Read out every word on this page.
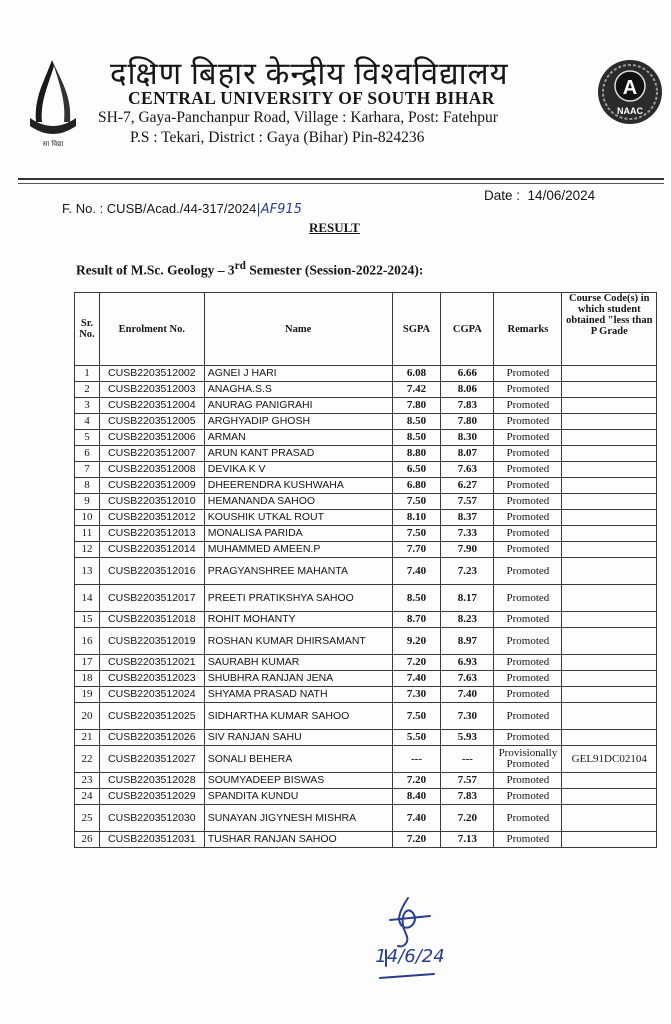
सा विद्या
A
NAAC
दक्षिण बिहार केन्द्रीय विश्वविद्यालय
CENTRAL UNIVERSITY OF SOUTH BIHAR
SH-7, Gaya-Panchanpur Road, Village : Karhara, Post: Fatehpur
P.S : Tekari, District : Gaya (Bihar) Pin-824236
F. No. : CUSB/Acad./44-317/2024|AF915
Date : 14/06/2024
RESULT
Result of M.Sc. Geology – 3rd Semester (Session-2022-2024):
Sr. No.	Enrolment No.	Name	SGPA	CGPA	Remarks	Course Code(s) in which student obtained "less than P Grade
1	CUSB2203512002	AGNEI J HARI	6.08	6.66	Promoted	
2	CUSB2203512003	ANAGHA.S.S	7.42	8.06	Promoted	
3	CUSB2203512004	ANURAG PANIGRAHI	7.80	7.83	Promoted	
4	CUSB2203512005	ARGHYADIP GHOSH	8.50	7.80	Promoted	
5	CUSB2203512006	ARMAN	8.50	8.30	Promoted	
6	CUSB2203512007	ARUN KANT PRASAD	8.80	8.07	Promoted	
7	CUSB2203512008	DEVIKA K V	6.50	7.63	Promoted	
8	CUSB2203512009	DHEERENDRA KUSHWAHA	6.80	6.27	Promoted	
9	CUSB2203512010	HEMANANDA SAHOO	7.50	7.57	Promoted	
10	CUSB2203512012	KOUSHIK UTKAL ROUT	8.10	8.37	Promoted	
11	CUSB2203512013	MONALISA PARIDA	7.50	7.33	Promoted	
12	CUSB2203512014	MUHAMMED AMEEN.P	7.70	7.90	Promoted	
13	CUSB2203512016	PRAGYANSHREE MAHANTA	7.40	7.23	Promoted	
14	CUSB2203512017	PREETI PRATIKSHYA SAHOO	8.50	8.17	Promoted	
15	CUSB2203512018	ROHIT MOHANTY	8.70	8.23	Promoted	
16	CUSB2203512019	ROSHAN KUMAR DHIRSAMANT	9.20	8.97	Promoted	
17	CUSB2203512021	SAURABH KUMAR	7.20	6.93	Promoted	
18	CUSB2203512023	SHUBHRA RANJAN JENA	7.40	7.63	Promoted	
19	CUSB2203512024	SHYAMA PRASAD NATH	7.30	7.40	Promoted	
20	CUSB2203512025	SIDHARTHA KUMAR SAHOO	7.50	7.30	Promoted	
21	CUSB2203512026	SIV RANJAN SAHU	5.50	5.93	Promoted	
22	CUSB2203512027	SONALI BEHERA	---	---	Provisionally Promoted	GEL91DC02104
23	CUSB2203512028	SOUMYADEEP BISWAS	7.20	7.57	Promoted	
24	CUSB2203512029	SPANDITA KUNDU	8.40	7.83	Promoted	
25	CUSB2203512030	SUNAYAN JIGYNESH MISHRA	7.40	7.20	Promoted	
26	CUSB2203512031	TUSHAR RANJAN SAHOO	7.20	7.13	Promoted	
14/6/24
